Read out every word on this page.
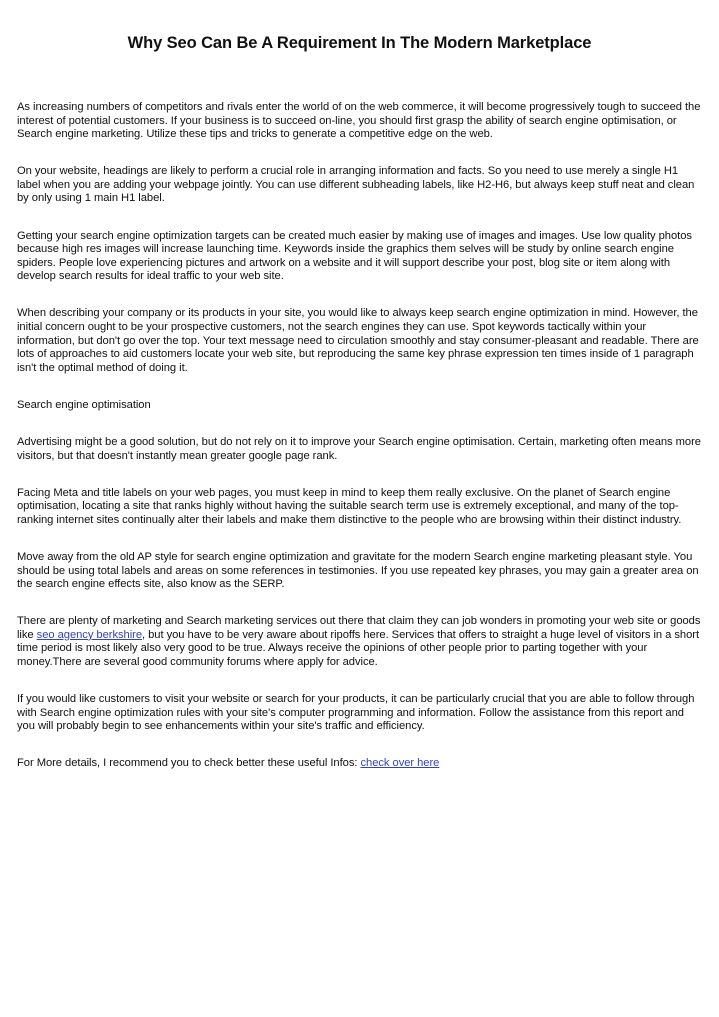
Why Seo Can Be A Requirement In The Modern Marketplace

As increasing numbers of competitors and rivals enter the world of on the web commerce, it will become progressively tough to succeed the interest of potential customers. If your business is to succeed on-line, you should first grasp the ability of search engine optimisation, or Search engine marketing. Utilize these tips and tricks to generate a competitive edge on the web.

On your website, headings are likely to perform a crucial role in arranging information and facts. So you need to use merely a single H1 label when you are adding your webpage jointly. You can use different subheading labels, like H2-H6, but always keep stuff neat and clean by only using 1 main H1 label.

Getting your search engine optimization targets can be created much easier by making use of images and images. Use low quality photos because high res images will increase launching time. Keywords inside the graphics them selves will be study by online search engine spiders. People love experiencing pictures and artwork on a website and it will support describe your post, blog site or item along with develop search results for ideal traffic to your web site.

When describing your company or its products in your site, you would like to always keep search engine optimization in mind. However, the initial concern ought to be your prospective customers, not the search engines they can use. Spot keywords tactically within your information, but don't go over the top. Your text message need to circulation smoothly and stay consumer-pleasant and readable. There are lots of approaches to aid customers locate your web site, but reproducing the same key phrase expression ten times inside of 1 paragraph isn't the optimal method of doing it.

Search engine optimisation

Advertising might be a good solution, but do not rely on it to improve your Search engine optimisation. Certain, marketing often means more visitors, but that doesn't instantly mean greater google page rank.

Facing Meta and title labels on your web pages, you must keep in mind to keep them really exclusive. On the planet of Search engine optimisation, locating a site that ranks highly without having the suitable search term use is extremely exceptional, and many of the top-ranking internet sites continually alter their labels and make them distinctive to the people who are browsing within their distinct industry.

Move away from the old AP style for search engine optimization and gravitate for the modern Search engine marketing pleasant style. You should be using total labels and areas on some references in testimonies. If you use repeated key phrases, you may gain a greater area on the search engine effects site, also know as the SERP.

There are plenty of marketing and Search marketing services out there that claim they can job wonders in promoting your web site or goods like seo agency berkshire, but you have to be very aware about ripoffs here. Services that offers to straight a huge level of visitors in a short time period is most likely also very good to be true. Always receive the opinions of other people prior to parting together with your money.There are several good community forums where apply for advice.

If you would like customers to visit your website or search for your products, it can be particularly crucial that you are able to follow through with Search engine optimization rules with your site's computer programming and information. Follow the assistance from this report and you will probably begin to see enhancements within your site's traffic and efficiency.

For More details, I recommend you to check better these useful Infos: check over here
